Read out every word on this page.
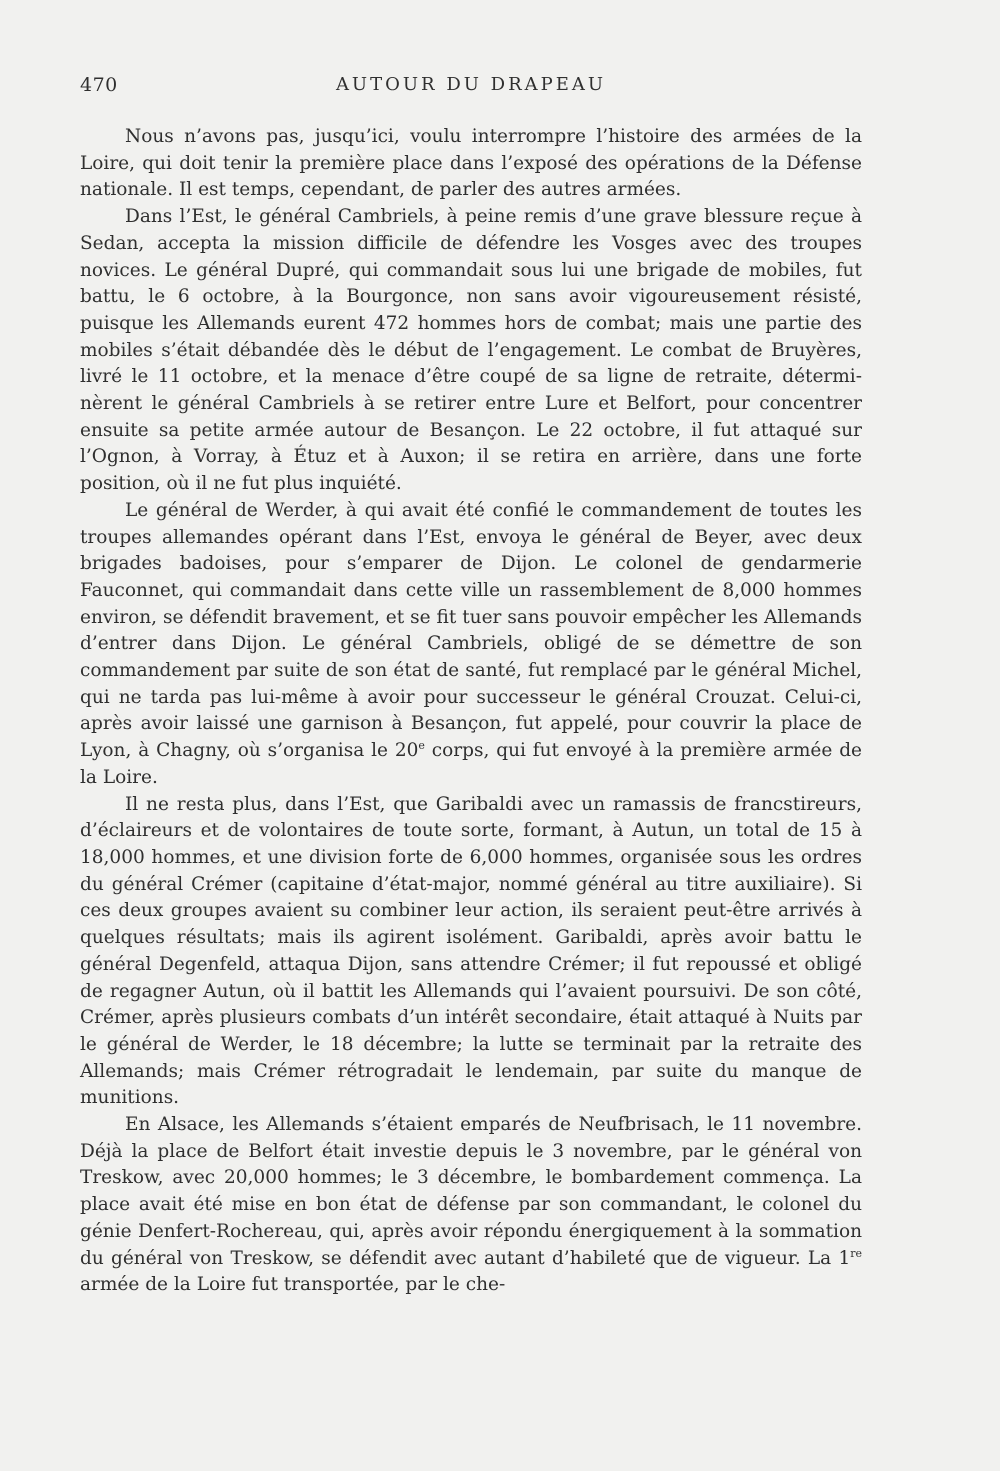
470	AUTOUR DU DRAPEAU

Nous n’avons pas, jusqu’ici, voulu interrompre l’histoire des armées de la Loire, qui doit tenir la première place dans l’exposé des opérations de la Défense nationale. Il est temps, cependant, de parler des autres armées.

Dans l’Est, le général Cambriels, à peine remis d’une grave blessure reçue à Sedan, accepta la mission difficile de défendre les Vosges avec des troupes novices. Le général Dupré, qui commandait sous lui une brigade de mobiles, fut battu, le 6 octobre, à la Bourgonce, non sans avoir vigoureusement résisté, puisque les Allemands eurent 472 hommes hors de combat; mais une partie des mobiles s’était débandée dès le début de l’engagement. Le combat de Bruyères, livré le 11 octobre, et la menace d’être coupé de sa ligne de retraite, déterminèrent le général Cambriels à se retirer entre Lure et Belfort, pour concentrer ensuite sa petite armée autour de Besançon. Le 22 octobre, il fut attaqué sur l’Ognon, à Vorray, à Étuz et à Auxon; il se retira en arrière, dans une forte position, où il ne fut plus inquiété.

Le général de Werder, à qui avait été confié le commandement de toutes les troupes allemandes opérant dans l’Est, envoya le général de Beyer, avec deux brigades badoises, pour s’emparer de Dijon. Le colonel de gendarmerie Fauconnet, qui commandait dans cette ville un rassemblement de 8,000 hommes environ, se défendit bravement, et se fit tuer sans pouvoir empêcher les Allemands d’entrer dans Dijon. Le général Cambriels, obligé de se démettre de son commandement par suite de son état de santé, fut remplacé par le général Michel, qui ne tarda pas lui-même à avoir pour successeur le général Crouzat. Celui-ci, après avoir laissé une garnison à Besançon, fut appelé, pour couvrir la place de Lyon, à Chagny, où s’organisa le 20e corps, qui fut envoyé à la première armée de la Loire.

Il ne resta plus, dans l’Est, que Garibaldi avec un ramassis de francstireurs, d’éclaireurs et de volontaires de toute sorte, formant, à Autun, un total de 15 à 18,000 hommes, et une division forte de 6,000 hommes, organisée sous les ordres du général Crémer (capitaine d’état-major, nommé général au titre auxiliaire). Si ces deux groupes avaient su combiner leur action, ils seraient peut-être arrivés à quelques résultats; mais ils agirent isolément. Garibaldi, après avoir battu le général Degenfeld, attaqua Dijon, sans attendre Crémer; il fut repoussé et obligé de regagner Autun, où il battit les Allemands qui l’avaient poursuivi. De son côté, Crémer, après plusieurs combats d’un intérêt secondaire, était attaqué à Nuits par le général de Werder, le 18 décembre; la lutte se terminait par la retraite des Allemands; mais Crémer rétrogradait le lendemain, par suite du manque de munitions.

En Alsace, les Allemands s’étaient emparés de Neufbrisach, le 11 novembre. Déjà la place de Belfort était investie depuis le 3 novembre, par le général von Treskow, avec 20,000 hommes; le 3 décembre, le bombardement commença. La place avait été mise en bon état de défense par son commandant, le colonel du génie Denfert-Rochereau, qui, après avoir répondu énergiquement à la sommation du général von Treskow, se défendit avec autant d’habileté que de vigueur. La 1re armée de la Loire fut transportée, par le che-
